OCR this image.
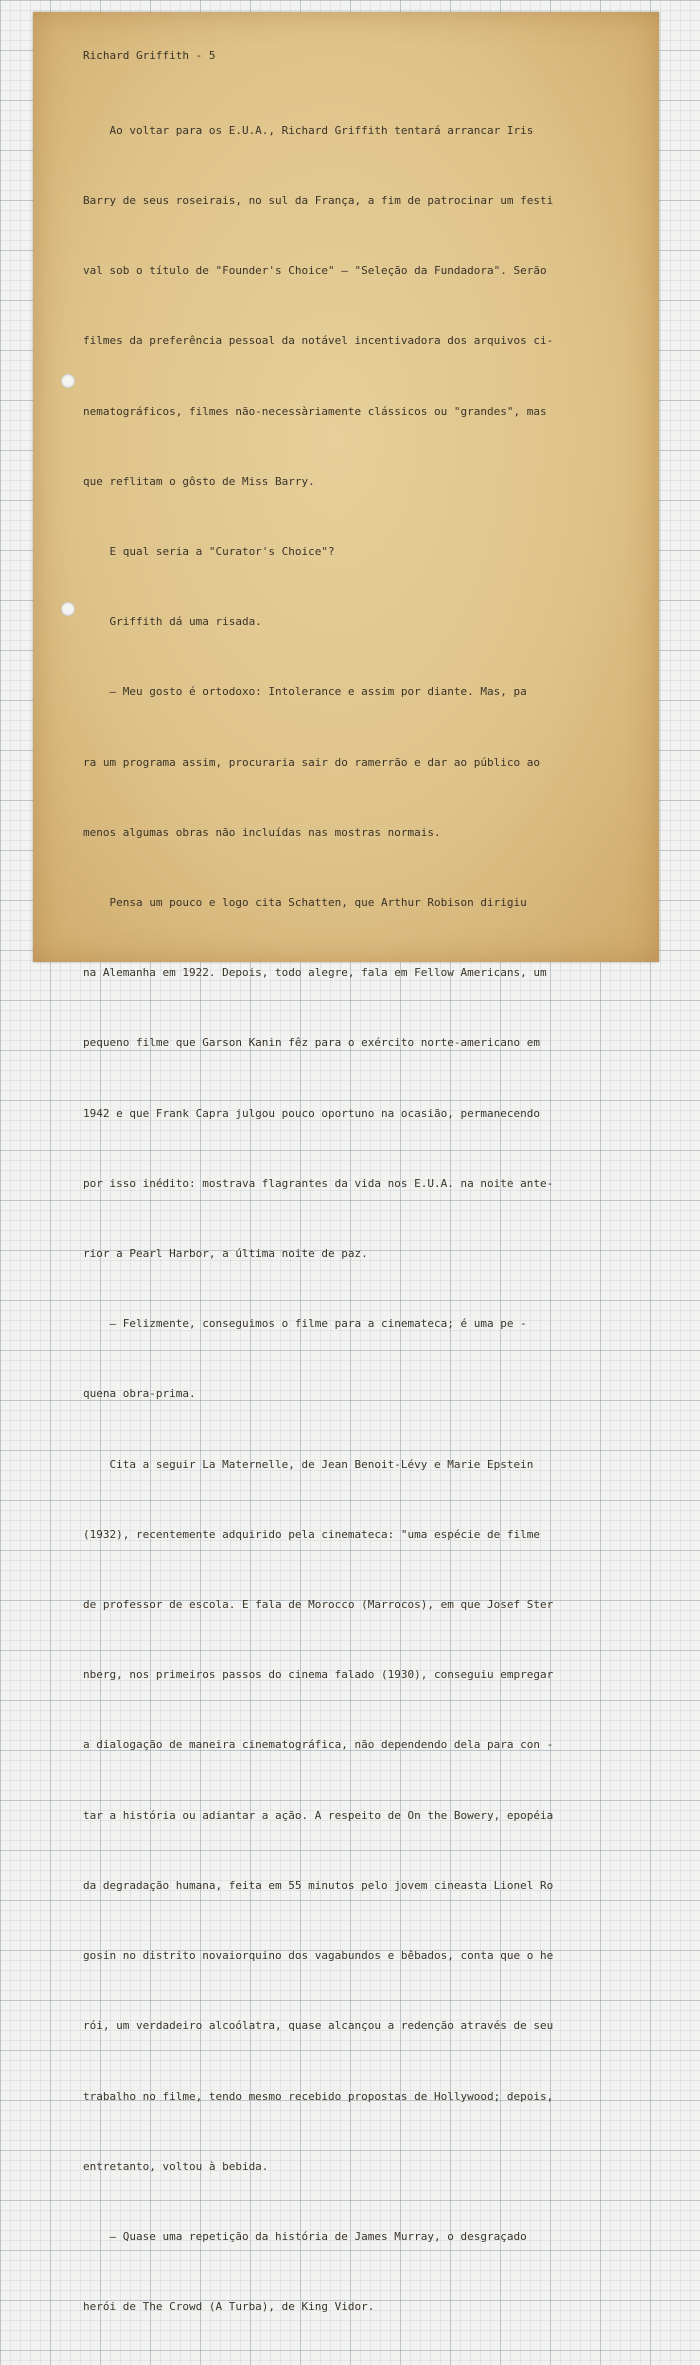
Richard Griffith - 5

Ao voltar para os E.U.A., Richard Griffith tentará arrancar Iris

Barry de seus roseirais, no sul da França, a fim de patrocinar um festi

val sob o título de "Founder's Choice" — "Seleção da Fundadora". Serão

filmes da preferência pessoal da notável incentivadora dos arquivos ci-

nematográficos, filmes não-necessàriamente clássicos ou "grandes", mas

que reflitam o gôsto de Miss Barry.

E qual seria a "Curator's Choice"?

Griffith dá uma risada.

— Meu gosto é ortodoxo: Intolerance e assim por diante. Mas, pa

ra um programa assim, procuraria sair do ramerrão e dar ao público ao

menos algumas obras não incluídas nas mostras normais.

Pensa um pouco e logo cita Schatten, que Arthur Robison dirigiu

na Alemanha em 1922. Depois, todo alegre, fala em Fellow Americans, um

pequeno filme que Garson Kanin fêz para o exército norte-americano em

1942 e que Frank Capra julgou pouco oportuno na ocasião, permanecendo

por isso inédito: mostrava flagrantes da vida nos E.U.A. na noite ante-

rior a Pearl Harbor, a última noite de paz.

— Felizmente, conseguimos o filme para a cinemateca; é uma pe -

quena obra-prima.

Cita a seguir La Maternelle, de Jean Benoit-Lévy e Marie Epstein

(1932), recentemente adquirido pela cinemateca: "uma espécie de filme

de professor de escola. E fala de Morocco (Marrocos), em que Josef Ster

nberg, nos primeiros passos do cinema falado (1930), conseguiu empregar

a dialogação de maneira cinematográfica, não dependendo dela para con -

tar a história ou adiantar a ação. A respeito de On the Bowery, epopéia

da degradação humana, feita em 55 minutos pelo jovem cineasta Lionel Ro

gosin no distrito novaiorquino dos vagabundos e bêbados, conta que o he

rói, um verdadeiro alcoólatra, quase alcançou a redenção através de seu

trabalho no filme, tendo mesmo recebido propostas de Hollywood; depois,

entretanto, voltou à bebida.

— Quase uma repetição da história de James Murray, o desgraçado

herói de The Crowd (A Turba), de King Vidor.
